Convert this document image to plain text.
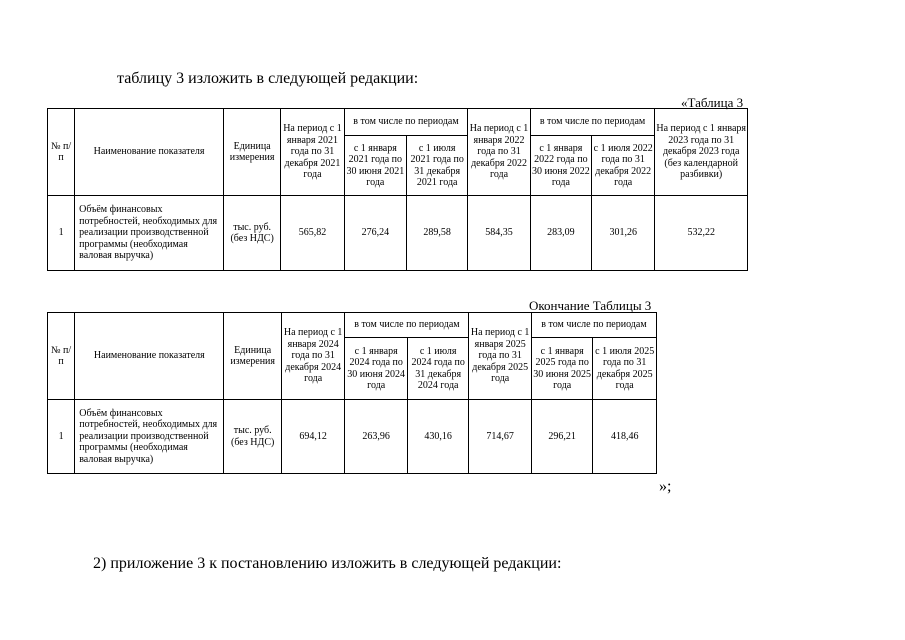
таблицу 3 изложить в следующей редакции:
«Таблица 3
№ п/п	Наименование показателя	Единица измерения	На период с 1 января 2021 года по 31 декабря 2021 года	в том числе по периодам		На период с 1 января 2022 года по 31 декабря 2022 года	в том числе по периодам		На период с 1 января 2023 года по 31 декабря 2023 года (без календарной разбивки)
				с 1 января 2021 года по 30 июня 2021 года	с 1 июля 2021 года по 31 декабря 2021 года		с 1 января 2022 года по 30 июня 2022 года	с 1 июля 2022 года по 31 декабря 2022 года	
1	Объём финансовых потребностей, необходимых для реализации производственной программы (необходимая валовая выручка)	тыс. руб. (без НДС)	565,82	276,24	289,58	584,35	283,09	301,26	532,22
Окончание Таблицы 3
№ п/п	Наименование показателя	Единица измерения	На период с 1 января 2024 года по 31 декабря 2024 года	в том числе по периодам		На период с 1 января 2025 года по 31 декабря 2025 года	в том числе по периодам	
				с 1 января 2024 года по 30 июня 2024 года	с 1 июля 2024 года по 31 декабря 2024 года		с 1 января 2025 года по 30 июня 2025 года	с 1 июля 2025 года по 31 декабря 2025 года
1	Объём финансовых потребностей, необходимых для реализации производственной программы (необходимая валовая выручка)	тыс. руб. (без НДС)	694,12	263,96	430,16	714,67	296,21	418,46
»;
2) приложение 3 к постановлению изложить в следующей редакции:
